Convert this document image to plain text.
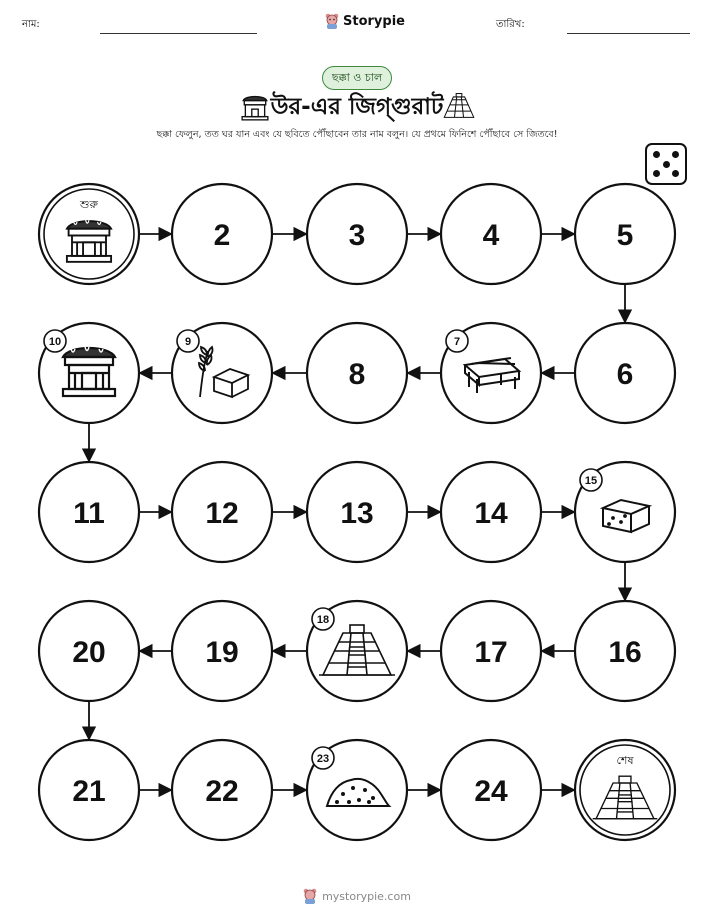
নাম:	Storypie	তারিখ:
ছক্কা ও চাল
উর-এর জিগ্গুরাট
ছক্কা ফেলুন, তত ঘর যান এবং যে ছবিতে পৌঁছাবেন তার নাম বলুন। যে প্রথমে ফিনিশে পৌঁছাবে সে জিতবে!
শুরু
2	3	4	5
6
7
8
9
10
11	12	13	14
15
16
17
18
19
20
21	22
23
24
শেষ
mystorypie.com
